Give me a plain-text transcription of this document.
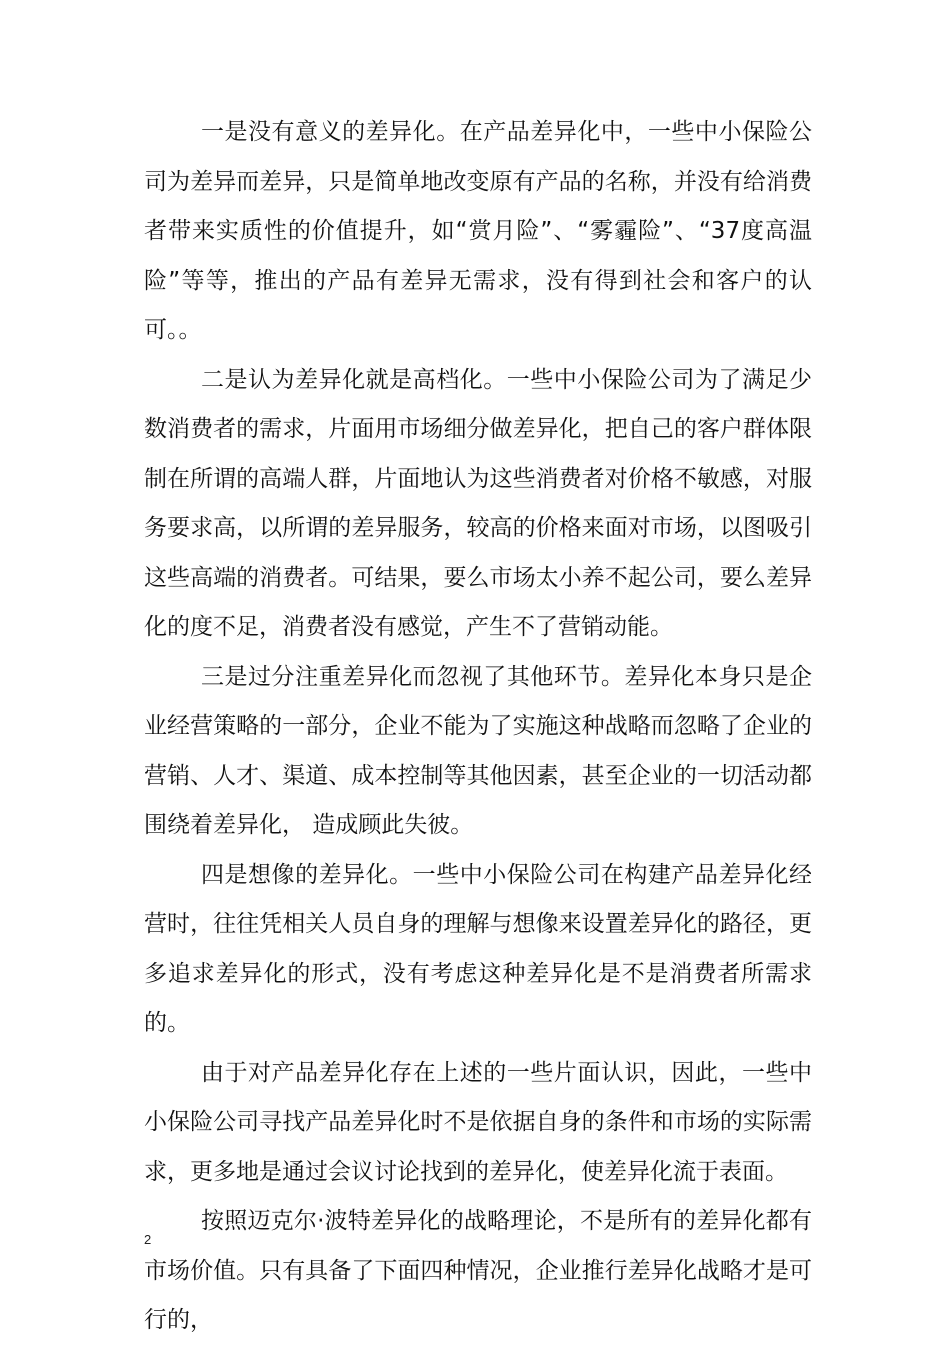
一是没有意义的差异化。在产品差异化中，一些中小保险公司为差异而差异，只是简单地改变原有产品的名称，并没有给消费者带来实质性的价值提升，如“赏月险”、“雾霾险”、“37度高温险”等等，推出的产品有差异无需求，没有得到社会和客户的认可。。

二是认为差异化就是高档化。一些中小保险公司为了满足少数消费者的需求，片面用市场细分做差异化，把自己的客户群体限制在所谓的高端人群，片面地认为这些消费者对价格不敏感，对服务要求高，以所谓的差异服务，较高的价格来面对市场，以图吸引这些高端的消费者。可结果，要么市场太小养不起公司，要么差异化的度不足，消费者没有感觉，产生不了营销动能。

三是过分注重差异化而忽视了其他环节。差异化本身只是企业经营策略的一部分，企业不能为了实施这种战略而忽略了企业的营销、人才、渠道、成本控制等其他因素，甚至企业的一切活动都围绕着差异化， 造成顾此失彼。

四是想像的差异化。一些中小保险公司在构建产品差异化经营时，往往凭相关人员自身的理解与想像来设置差异化的路径，更多追求差异化的形式，没有考虑这种差异化是不是消费者所需求的。

由于对产品差异化存在上述的一些片面认识，因此，一些中小保险公司寻找产品差异化时不是依据自身的条件和市场的实际需求，更多地是通过会议讨论找到的差异化，使差异化流于表面。

按照迈克尔·波特差异化的战略理论，不是所有的差异化都有市场价值。只有具备了下面四种情况，企业推行差异化战略才是可行的，

2
